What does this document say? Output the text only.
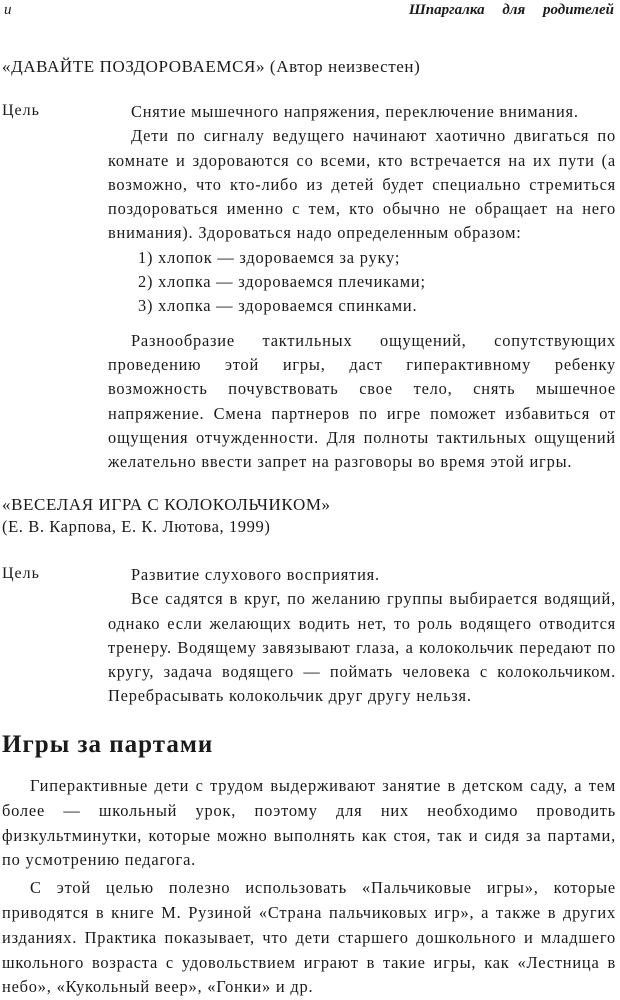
u	Шпаргалка для родителей
«ДАВАЙТЕ ПОЗДОРОВАЕМСЯ» (Автор неизвестен)
Цель	Снятие мышечного напряжения, переключение внимания.

Дети по сигналу ведущего начинают хаотично двигаться по комнате и здороваются со всеми, кто встречается на их пути (а возможно, что кто-либо из детей будет специально стремиться поздороваться именно с тем, кто обычно не обращает на него внимания). Здороваться надо определенным образом:

1) хлопок — здороваемся за руку;
2) хлопка — здороваемся плечиками;
3) хлопка — здороваемся спинками.

Разнообразие тактильных ощущений, сопутствующих проведению этой игры, даст гиперактивному ребенку возможность почувствовать свое тело, снять мышечное напряжение. Смена партнеров по игре поможет избавиться от ощущения отчужденности. Для полноты тактильных ощущений желательно ввести запрет на разговоры во время этой игры.

«ВЕСЕЛАЯ ИГРА С КОЛОКОЛЬЧИКОМ»
(Е. В. Карпова, Е. К. Лютова, 1999)
Цель	Развитие слухового восприятия.

Все садятся в круг, по желанию группы выбирается водящий, однако если желающих водить нет, то роль водящего отводится тренеру. Водящему завязывают глаза, а колокольчик передают по кругу, задача водящего — поймать человека с колокольчиком. Перебрасывать колокольчик друг другу нельзя.

Игры за партами

Гиперактивные дети с трудом выдерживают занятие в детском саду, а тем более — школьный урок, поэтому для них необходимо проводить физкультминутки, которые можно выполнять как стоя, так и сидя за партами, по усмотрению педагога.

С этой целью полезно использовать «Пальчиковые игры», которые приводятся в книге М. Рузиной «Страна пальчиковых игр», а также в других изданиях. Практика показывает, что дети старшего дошкольного и младшего школьного возраста с удовольствием играют в такие игры, как «Лестница в небо», «Кукольный веер», «Гонки» и др.
